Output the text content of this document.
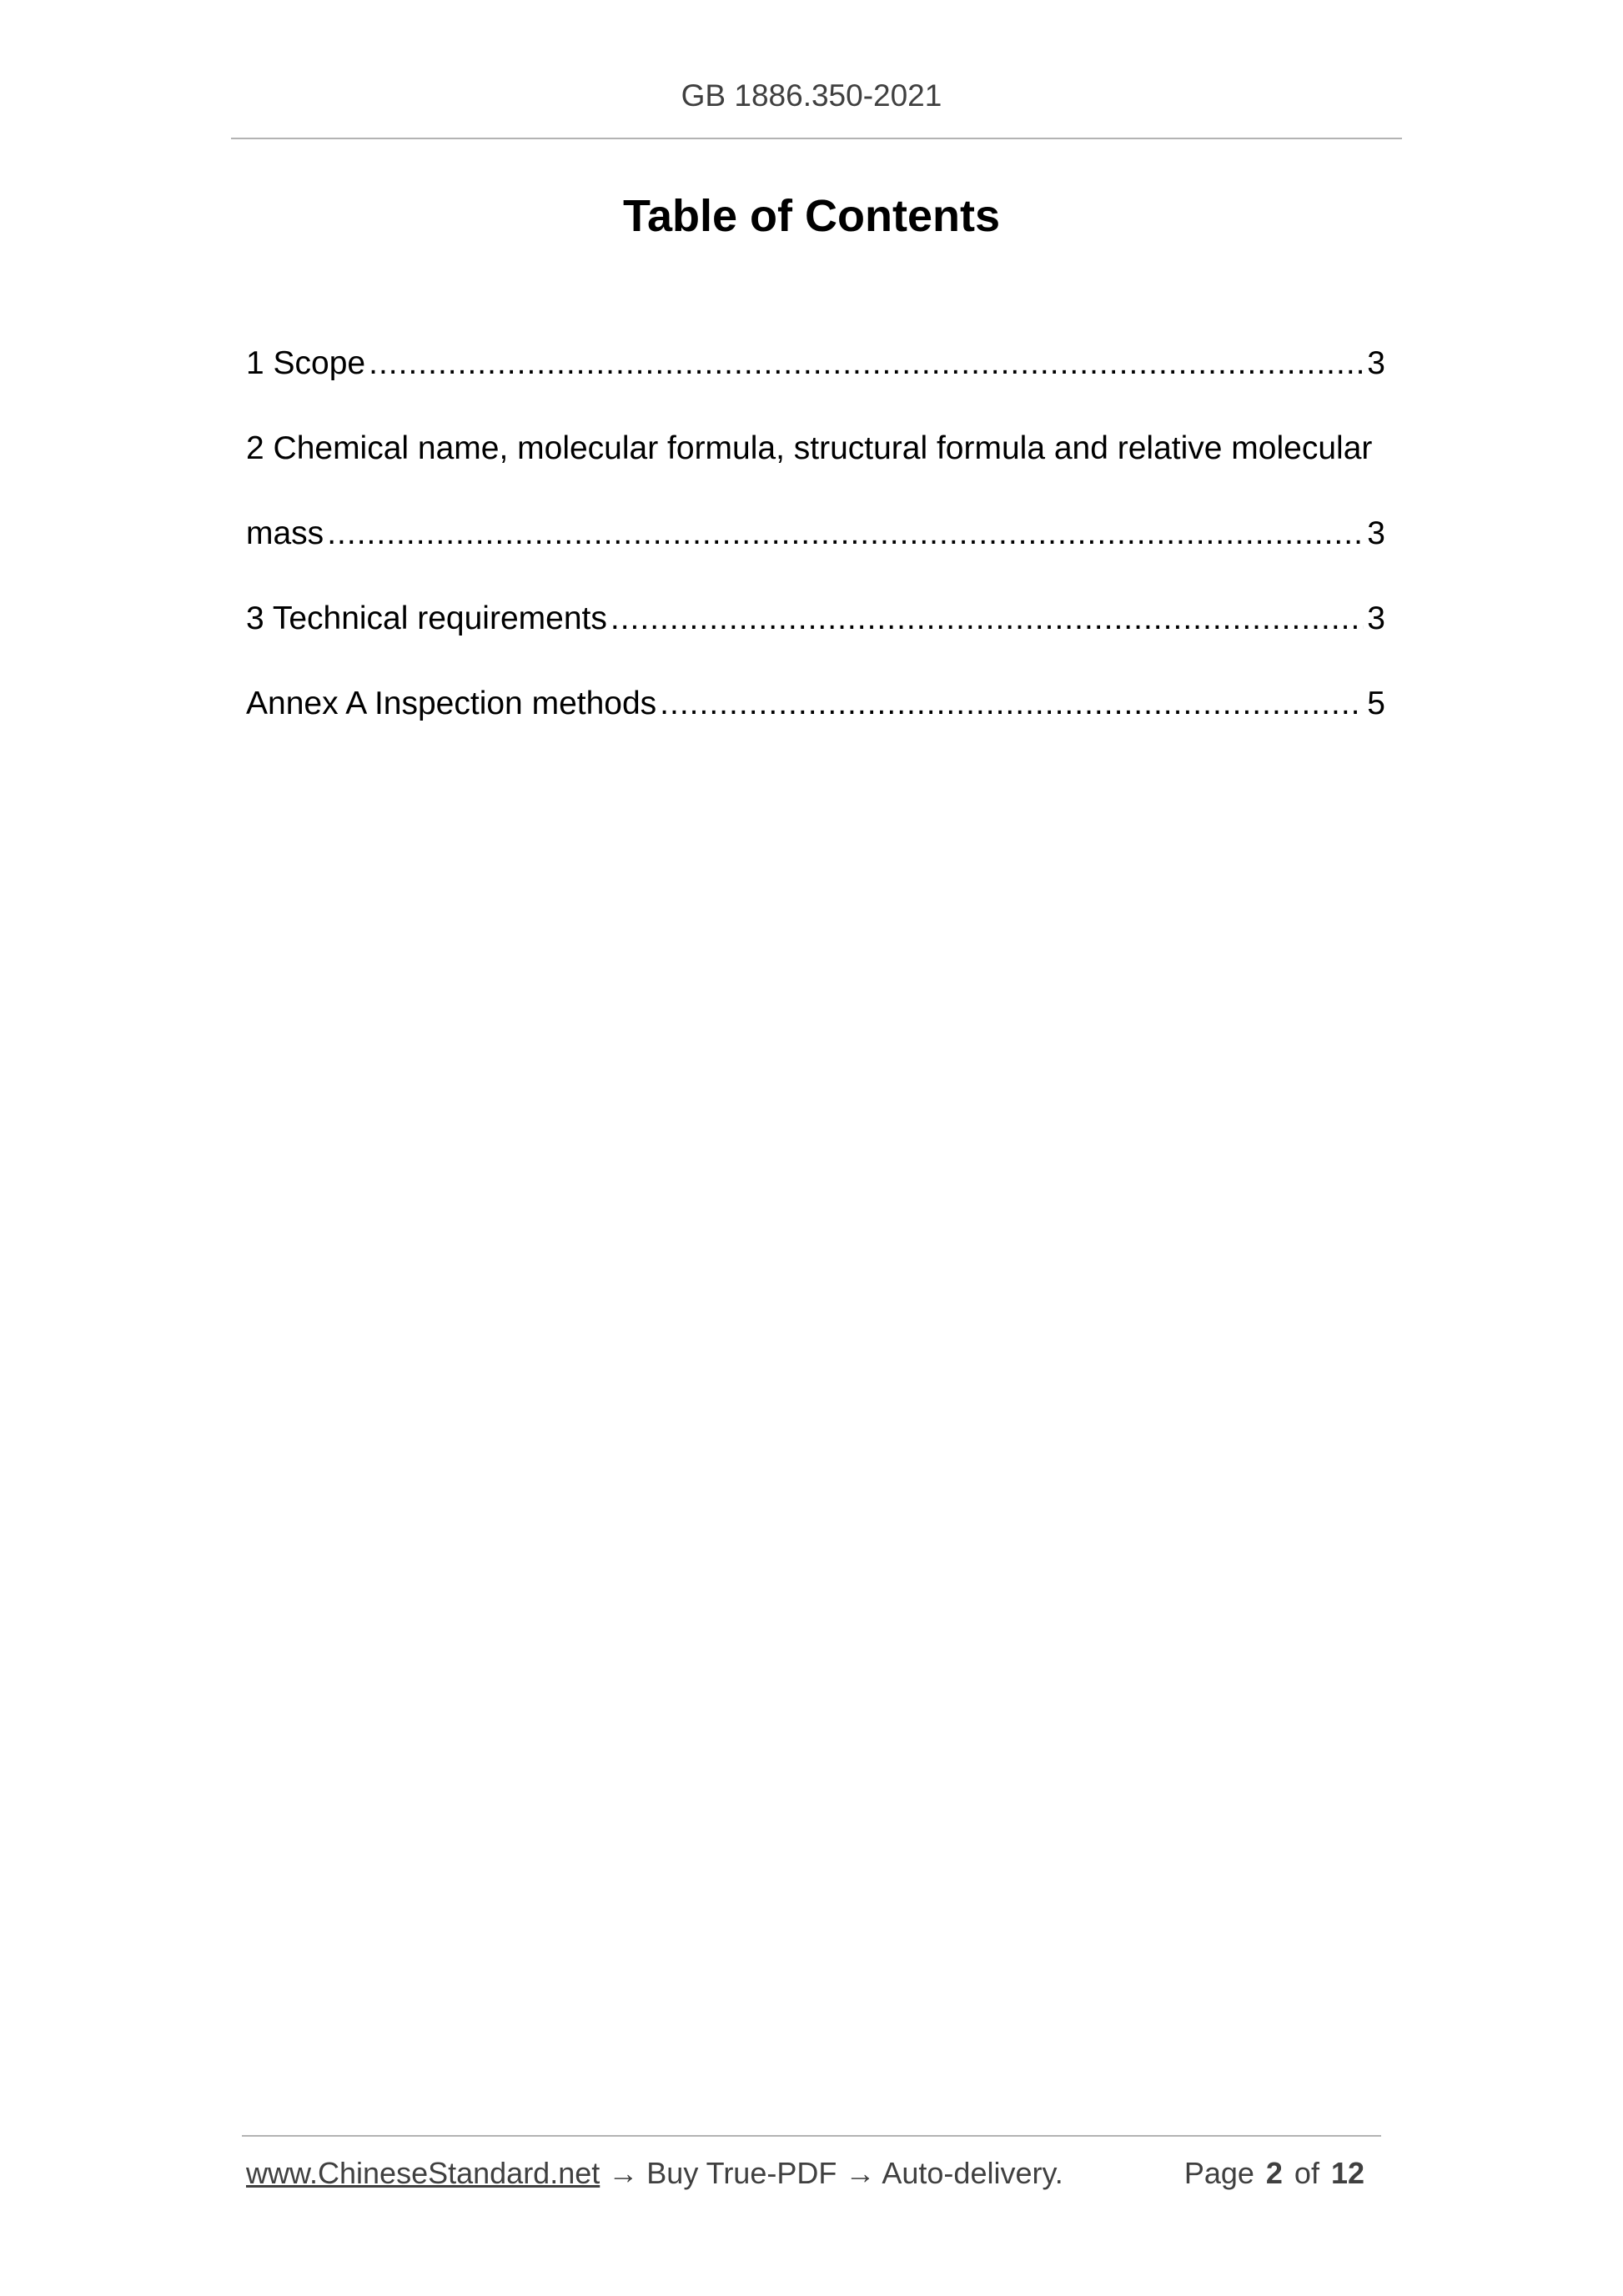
GB 1886.350-2021
Table of Contents
1 Scope .....	3
2 Chemical name, molecular formula, structural formula and relative molecular
mass .....	3
3 Technical requirements .....	3
Annex A Inspection methods .....	5
www.ChineseStandard.net → Buy True-PDF → Auto-delivery.	Page 2 of 12
